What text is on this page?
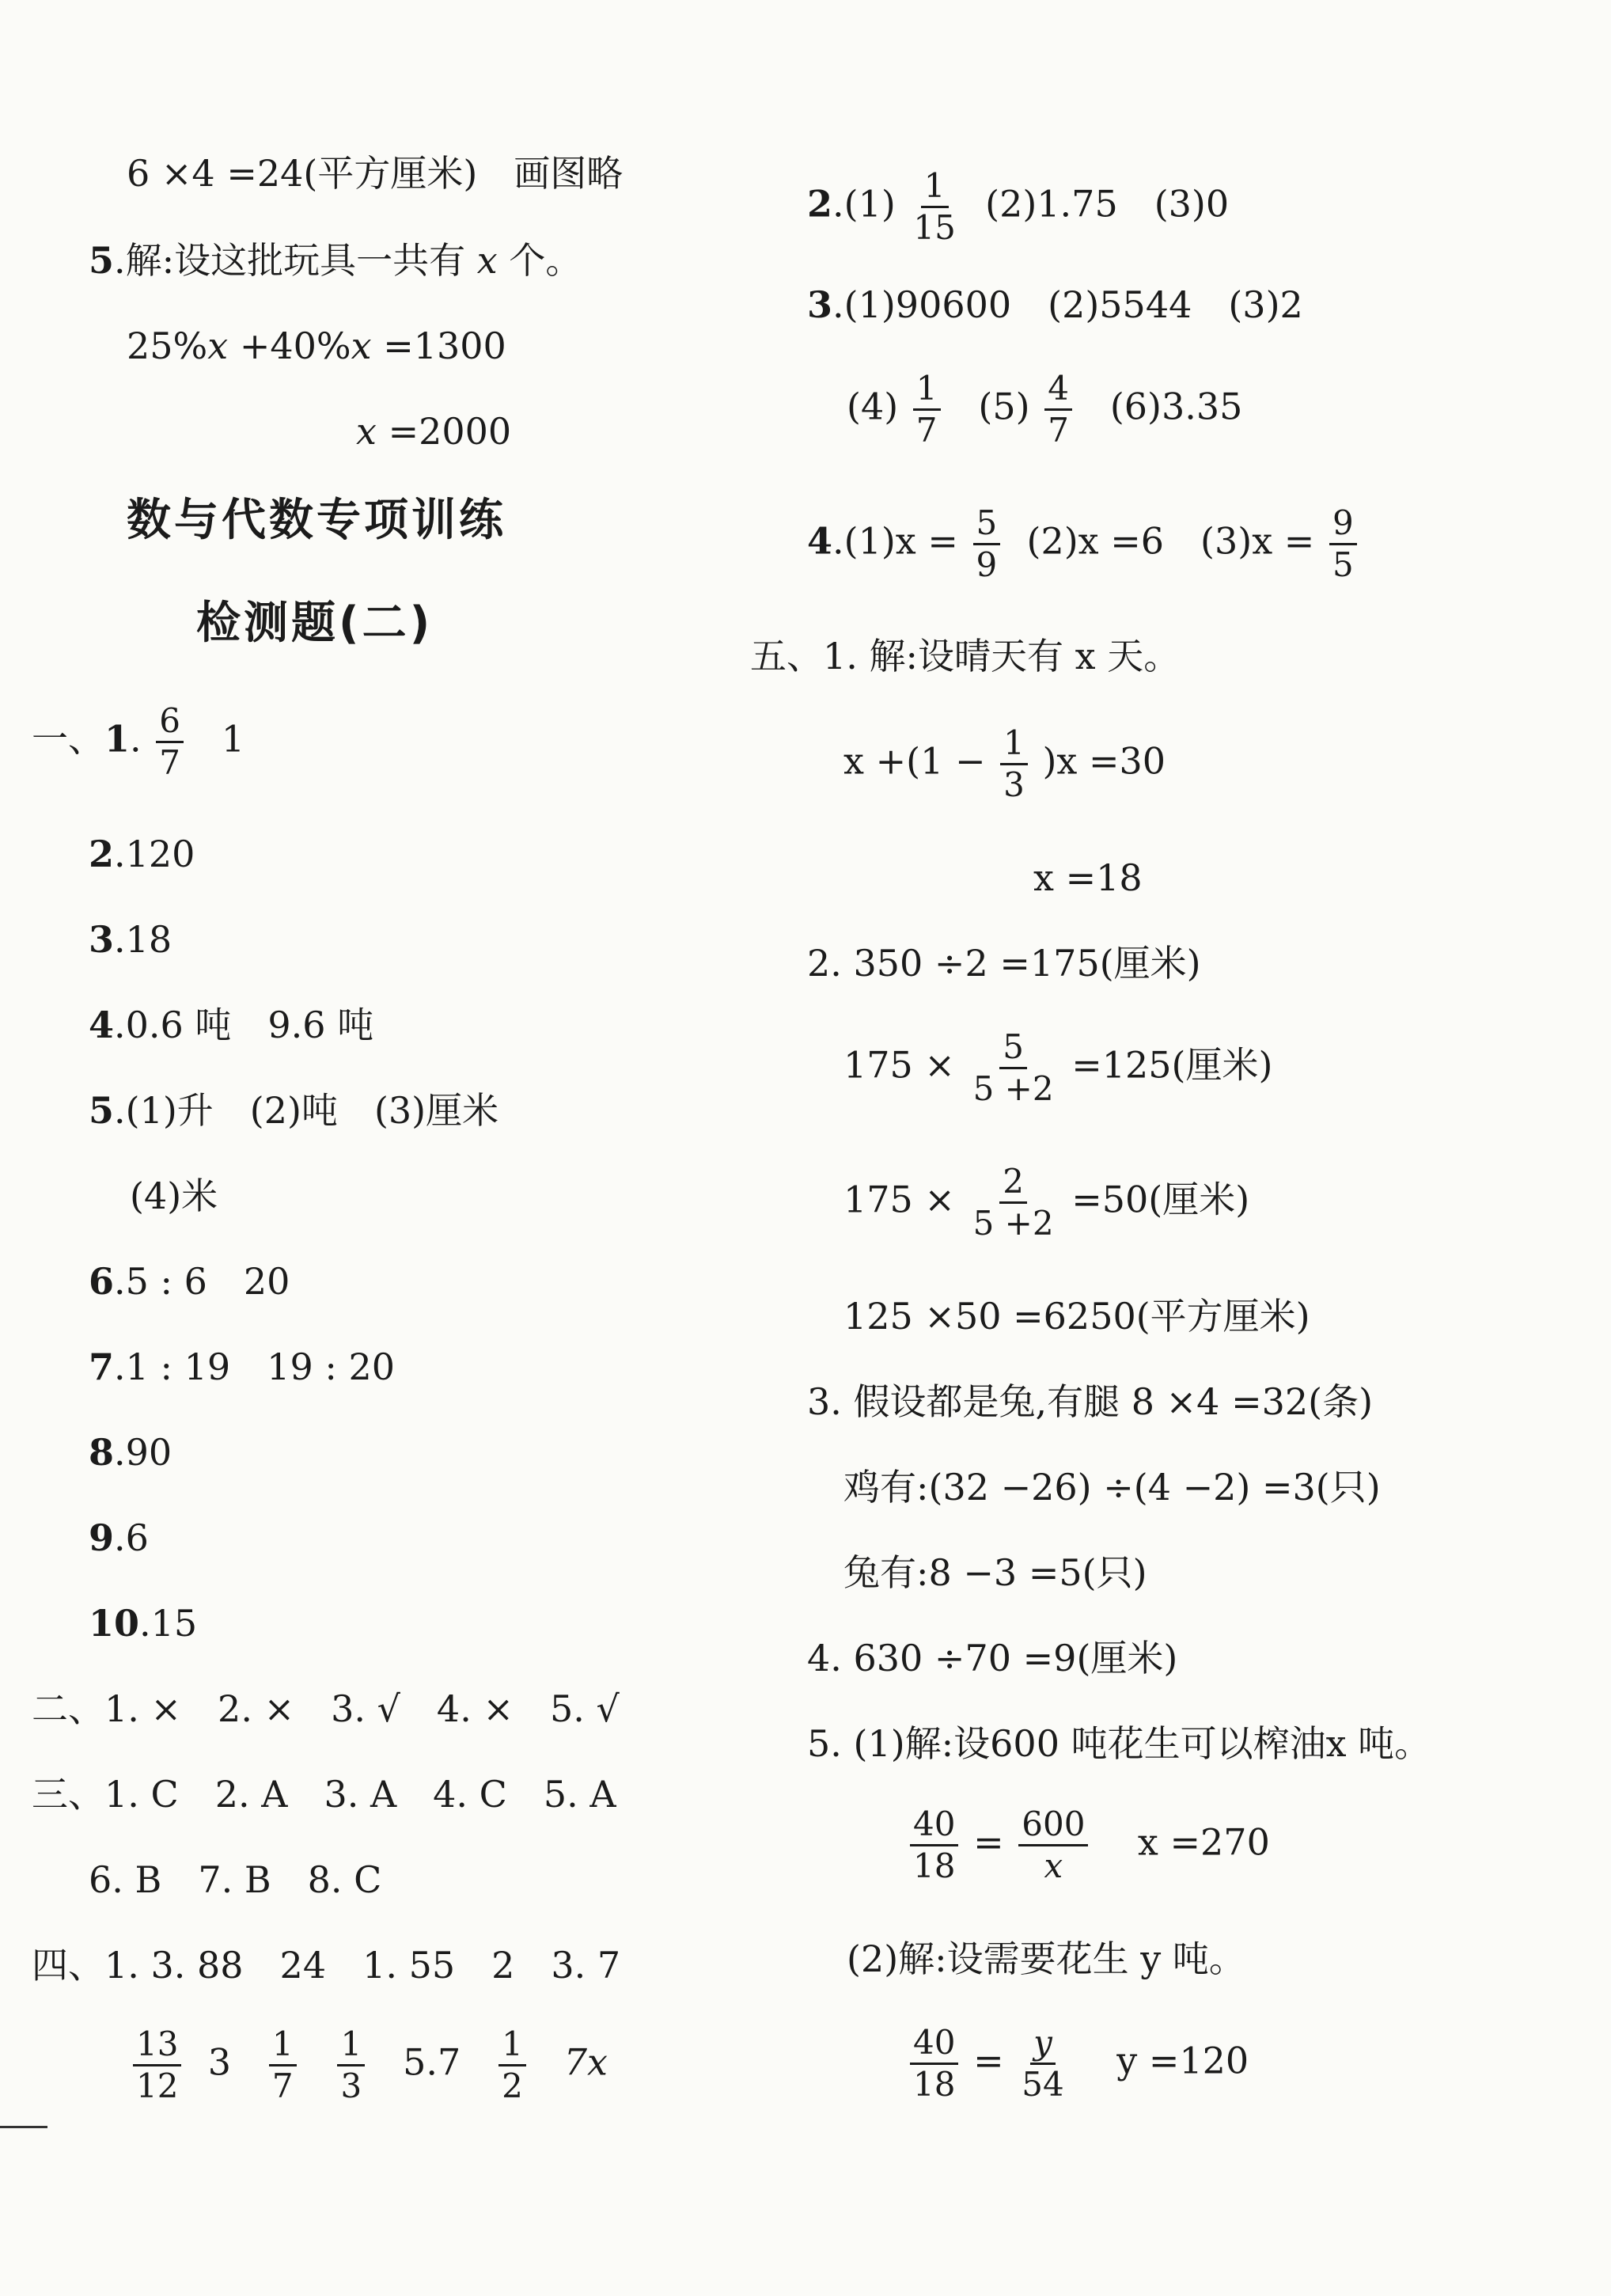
6 ×4 =24(平方厘米)　画图略
5.解:设这批玩具一共有 x 个。
25%x +40%x =1300
x =2000
数与代数专项训练
检测题(二)
一、1. $\frac{6}{7} 1$
2.120
3.18
4.0.6 吨　9.6 吨
5.(1)升　(2)吨　(3)厘米
(4)米
6.5 : 6　20
7.1 : 19　19 : 20
8.90
9.6
10.15
二、1. ×　2. ×　3. √　4. ×　5. √
三、1. C　2. A　3. A　4. C　5. A
6. B　7. B　8. C
四、1. 3. 88　24　1. 55　2　3. 7
$\frac{13}{12} 3 \frac{1}{7}$
$\frac{1}{3} 5.7 \frac{1}{2} 7x$
$2.(1) \frac{1}{15} (2)1.75$　(3)0
3.(1)90600　(2)5544　(3)2
$(4) \frac{1}{7} (5) \frac{4}{7} (6)3.35$
$4.(1)x = \frac{5}{9} (2)x =6$　$(3)x = \frac{9}{5}$
五、1. 解:设晴天有 x 天。
$x +(1 - \frac{1}{3} )x =30$
x =18
2. 350 ÷2 =175(厘米)
$175 \times \frac{5}{5 +2} =125$(厘米)
$175 \times \frac{2}{5 +2} =50$(厘米)
125 ×50 =6250(平方厘米)
3. 假设都是兔,有腿 8 ×4 =32(条)
鸡有:(32 −26) ÷(4 −2) =3(只)
兔有:8 −3 =5(只)
4. 630 ÷70 =9(厘米)
5. (1)解:设600 吨花生可以榨油x 吨。
$\frac{40}{18} = \frac{600}{x}$ x =270
(2)解:设需要花生 y 吨。
$\frac{40}{18} = \frac{y}{54}$ y =120
